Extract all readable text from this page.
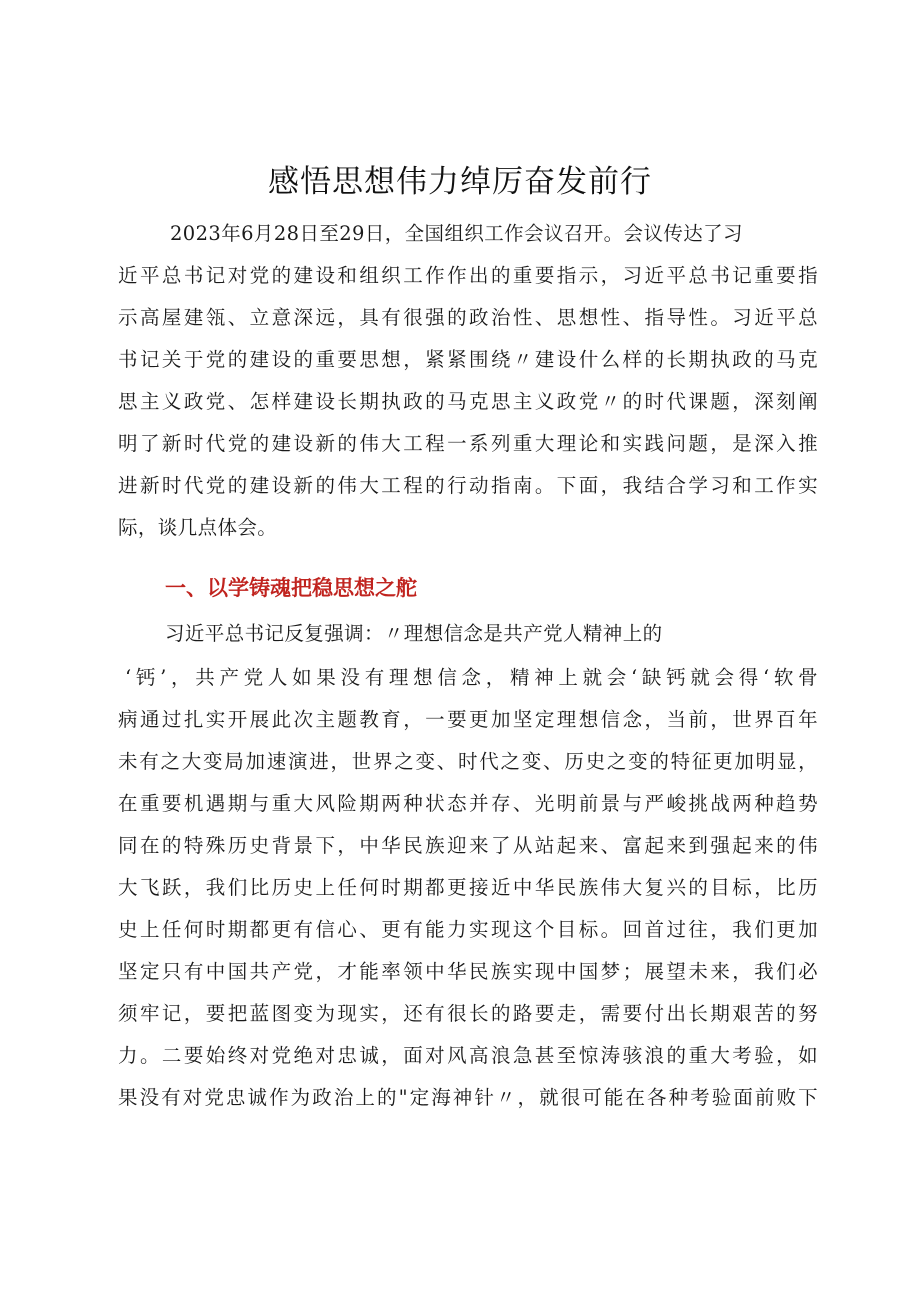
感悟思想伟力绰厉奋发前行

2023年6月28日至29日，全国组织工作会议召开。会议传达了习

近平总书记对党的建设和组织工作作出的重要指示，习近平总书记重要指

示高屋建瓴、立意深远，具有很强的政治性、思想性、指导性。习近平总

书记关于党的建设的重要思想，紧紧围绕〃建设什么样的长期执政的马克

思主义政党、怎样建设长期执政的马克思主义政党〃的时代课题，深刻阐

明了新时代党的建设新的伟大工程一系列重大理论和实践问题，是深入推

进新时代党的建设新的伟大工程的行动指南。下面，我结合学习和工作实

际，谈几点体会。

一、以学铸魂把稳思想之舵

习近平总书记反复强调：〃理想信念是共产党人精神上的

‘钙’，共产党人如果没有理想信念，精神上就会‘缺钙就会得‘软骨

病通过扎实开展此次主题教育，一要更加坚定理想信念，当前，世界百年

未有之大变局加速演进，世界之变、时代之变、历史之变的特征更加明显，

在重要机遇期与重大风险期两种状态并存、光明前景与严峻挑战两种趋势

同在的特殊历史背景下，中华民族迎来了从站起来、富起来到强起来的伟

大飞跃，我们比历史上任何时期都更接近中华民族伟大复兴的目标，比历

史上任何时期都更有信心、更有能力实现这个目标。回首过往，我们更加

坚定只有中国共产党，才能率领中华民族实现中国梦；展望未来，我们必

须牢记，要把蓝图变为现实，还有很长的路要走，需要付出长期艰苦的努

力。二要始终对党绝对忠诚，面对风高浪急甚至惊涛骇浪的重大考验，如

果没有对党忠诚作为政治上的"定海神针〃，就很可能在各种考验面前败下
